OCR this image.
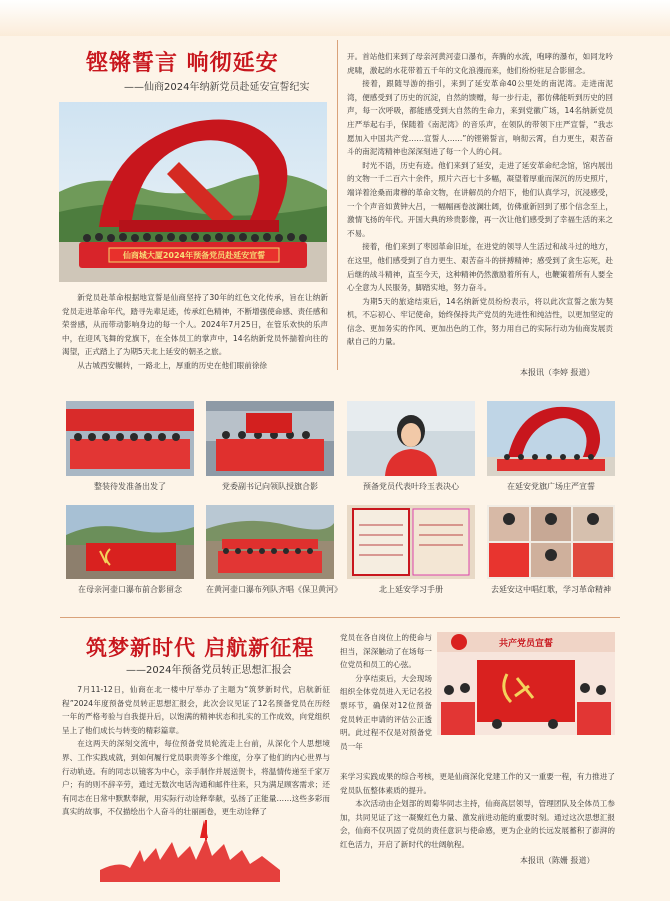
铿锵誓言 响彻延安
——仙商2024年纳新党员赴延安宣誓纪实
仙商城大厦2024年预备党员赴延安宣誓

新党员赴革命根据地宣誓是仙商坚持了30年的红色文化传承，旨在让纳新党员走进革命年代，踏寻先辈足迹，传承红色精神，不断增强使命感、责任感和荣誉感，从而带动影响身边的每一个人。2024年7月25日，在管乐欢快的乐声中，在迎风飞舞的党旗下，在全体员工的掌声中，14名纳新党员怀揣着向往的渴望，正式踏上了为期5天北上延安的朝圣之旅。

从古城西安辗转，一路北上，厚重的历史在他们眼前徐徐

开。首站他们来到了母亲河黄河壶口瀑布，奔腾的水流，咆哮的瀑布，如同龙吟虎啸，激起的水花带着五千年的文化浪漫而来，他们纷纷驻足合影留念。

接着，跟随导游的指引，来到了延安革命40公里处的南泥湾。走进南泥湾，便感受到了历史的沉淀，自然的馈赠，每一步行走，都仿佛能听到历史的回声，每一次呼吸，都能感受到大自然的生命力，来到党徽广场，14名纳新党员庄严举起右手，保随着《南泥湾》的音乐声，在领队的带领下庄严宣誓，“我志愿加入中国共产党……宣誓人……”的铿锵誓言，响彻云霄，自力更生，艰苦奋斗的南泥湾精神也深深刻进了每一个人的心间。

时光不语，历史有迹。他们来到了延安，走进了延安革命纪念馆，馆内展出的文物一千二百六十余件，照片六百七十多幅，凝望着厚重而深沉的历史照片，端详着沧桑而肃穆的革命文物，在讲解员的介绍下，他们认真学习，沉浸感受，一个个声音如黄钟大吕，一幅幅画卷波澜壮阔，仿佛重新回到了那个信念至上，激情飞扬的年代。开国大典的珍贵影像，再一次让他们感受到了幸福生活的来之不易。

接着，他们来到了枣园革命旧址，在进党的领导人生活过和战斗过的地方，在这里，他们感受到了自力更生、艰苦奋斗的拼搏精神；感受到了贪生忘死，赴后继的战斗精神，直至今天，这种精神仍然激励着所有人，也鞭策着所有人要全心全意为人民服务，脚踏实地，努力奋斗。

为期5天的旅途结束后，14名纳新党员纷纷表示，将以此次宣誓之旅为契机，不忘初心、牢记使命，始终保持共产党员的先进性和纯洁性，以更加坚定的信念、更加务实的作风、更加出色的工作，努力用自己的实际行动为仙商发展贡献自己的力量。

本报讯（李婷 报道）
整装待发准备出发了	党委副书记向领队授旗合影	预备党员代表叶玲玉表决心	在延安党旗广场庄严宣誓
在母亲河壶口瀑布前合影留念	在黄河壶口瀑布列队齐唱《保卫黄河》	北上延安学习手册	去延安这中唱红歌，学习革命精神
筑梦新时代 启航新征程
——2024年预备党员转正思想汇报会

7月11-12日，仙商在北一楼中厅举办了主题为“筑梦新时代，启航新征程”2024年度预备党员转正思想汇报会，此次会议见证了12名预备党员在历经一年的严格考验与自我提升后，以饱满的精神状态和扎实的工作成效，向党组织呈上了他们成长与转变的精彩篇章。

在这两天的深刻交流中，每位预备党员轮流走上台前，从深化个人思想境界、工作实践成就，到如何履行党员职责等多个维度，分享了他们的内心世界与行动轨迹。有的同志以镜客为中心，亲手制作并展送贺卡，将温情传递至千家万户；有的则不辞辛劳，通过无数次电话沟通和邮件往来，只为满足顾客需求；还有同志在日常中默默奉献，用实际行动诠释奉献，弘扬了正能量……这些多彩而真实的故事，不仅描绘出个人奋斗的壮丽画卷，更生动诠释了

党员在各自岗位上的使命与担当，深深触动了在场每一位党员和员工的心弦。

分享结束后，大会现场组织全体党员进入无记名投票环节，确保对12位预备党员转正申请的评估公正透明。此过程不仅是对预备党员一年

共产党员宣誓

来学习实践成果的综合考核，更是仙商深化党建工作的又一重要一程，有力推进了党员队伍整体素质的提升。

本次活动由企划部的周菊华同志主持，仙商高层领导，管理团队及全体员工参加，共同见证了这一凝聚红色力量、激发前进动能的重要时刻。通过这次思想汇报会，仙商不仅巩固了党员的责任意识与使命感，更为企业的长远发展蓄积了澎湃的红色活力，开启了新时代的壮阔航程。

本报讯（陈姗 报道）
